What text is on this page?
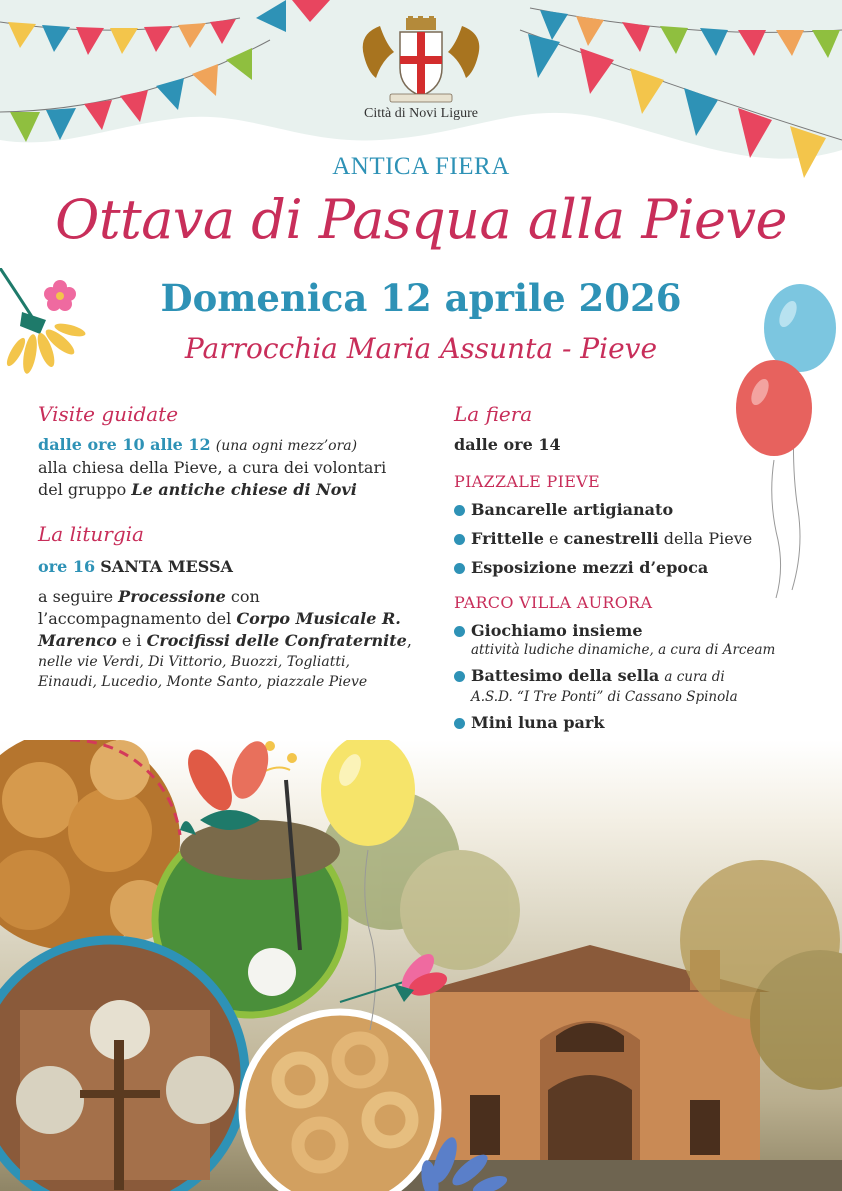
Città di Novi Ligure
ANTICA FIERA
Ottava di Pasqua alla Pieve
Domenica 12 aprile 2026
Parrocchia Maria Assunta - Pieve
Visite guidate
dalle ore 10 alle 12 (una ogni mezz’ora)
alla chiesa della Pieve, a cura dei volontari
del gruppo Le antiche chiese di Novi
La liturgia
ore 16 SANTA MESSA
a seguire Processione con
l’accompagnamento del Corpo Musicale R.
Marenco e i Crocifissi delle Confraternite,
nelle vie Verdi, Di Vittorio, Buozzi, Togliatti,
Einaudi, Lucedio, Monte Santo, piazzale Pieve
La fiera
dalle ore 14
PIAZZALE PIEVE
Bancarelle artigianato
Frittelle e canestrelli della Pieve
Esposizione mezzi d’epoca
PARCO VILLA AURORA
Giochiamo insieme
attività ludiche dinamiche, a cura di Arceam
Battesimo della sella a cura di
A.S.D. “I Tre Ponti” di Cassano Spinola
Mini luna park
